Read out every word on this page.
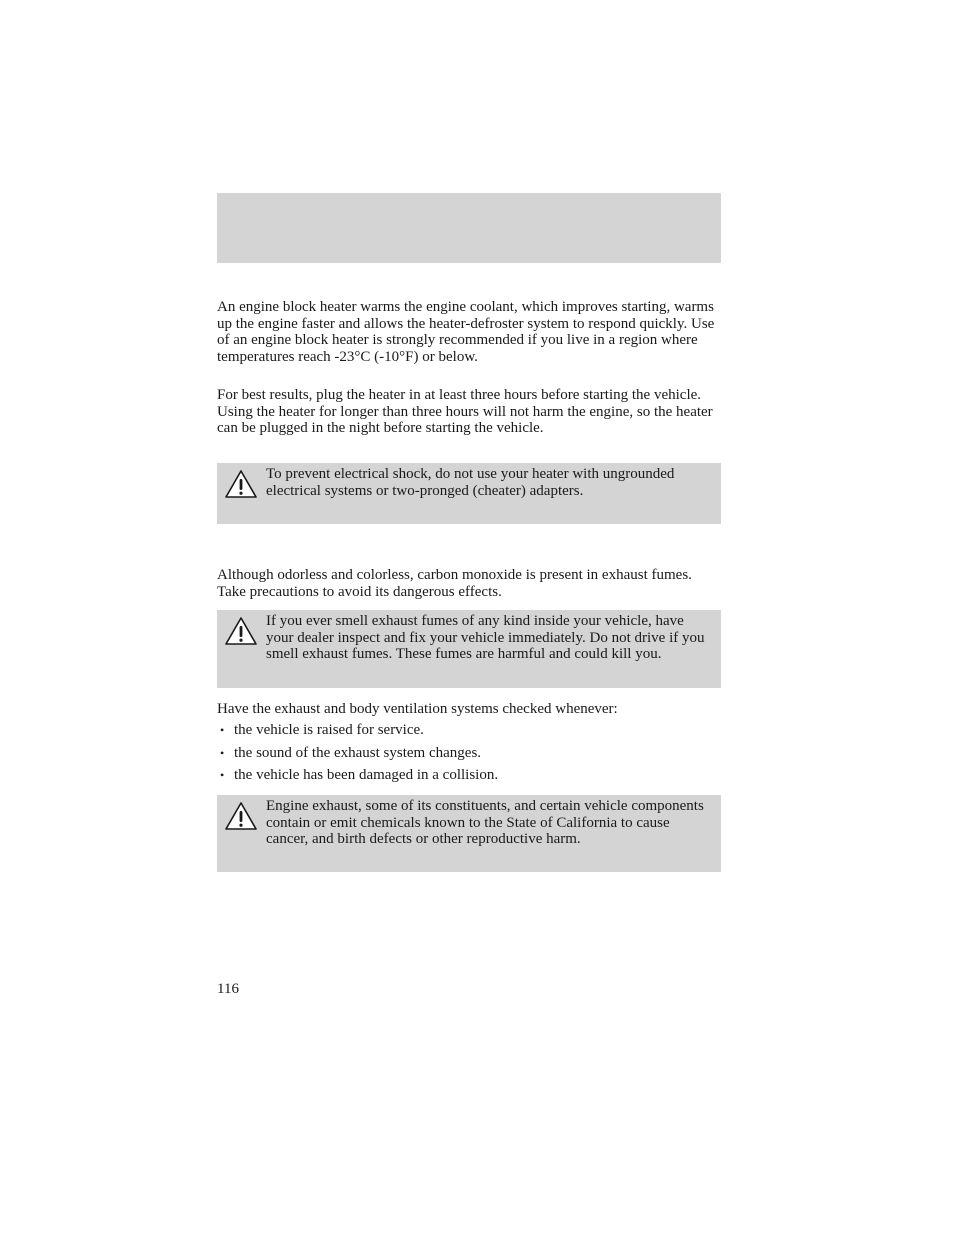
An engine block heater warms the engine coolant, which improves starting, warms up the engine faster and allows the heater-defroster system to respond quickly. Use of an engine block heater is strongly recommended if you live in a region where temperatures reach -23°C (-10°F) or below.

For best results, plug the heater in at least three hours before starting the vehicle. Using the heater for longer than three hours will not harm the engine, so the heater can be plugged in the night before starting the vehicle.

To prevent electrical shock, do not use your heater with ungrounded electrical systems or two-pronged (cheater) adapters.

Although odorless and colorless, carbon monoxide is present in exhaust fumes. Take precautions to avoid its dangerous effects.

If you ever smell exhaust fumes of any kind inside your vehicle, have your dealer inspect and fix your vehicle immediately. Do not drive if you smell exhaust fumes. These fumes are harmful and could kill you.

Have the exhaust and body ventilation systems checked whenever:

• the vehicle is raised for service.
• the sound of the exhaust system changes.
• the vehicle has been damaged in a collision.

Engine exhaust, some of its constituents, and certain vehicle components contain or emit chemicals known to the State of California to cause cancer, and birth defects or other reproductive harm.

116
